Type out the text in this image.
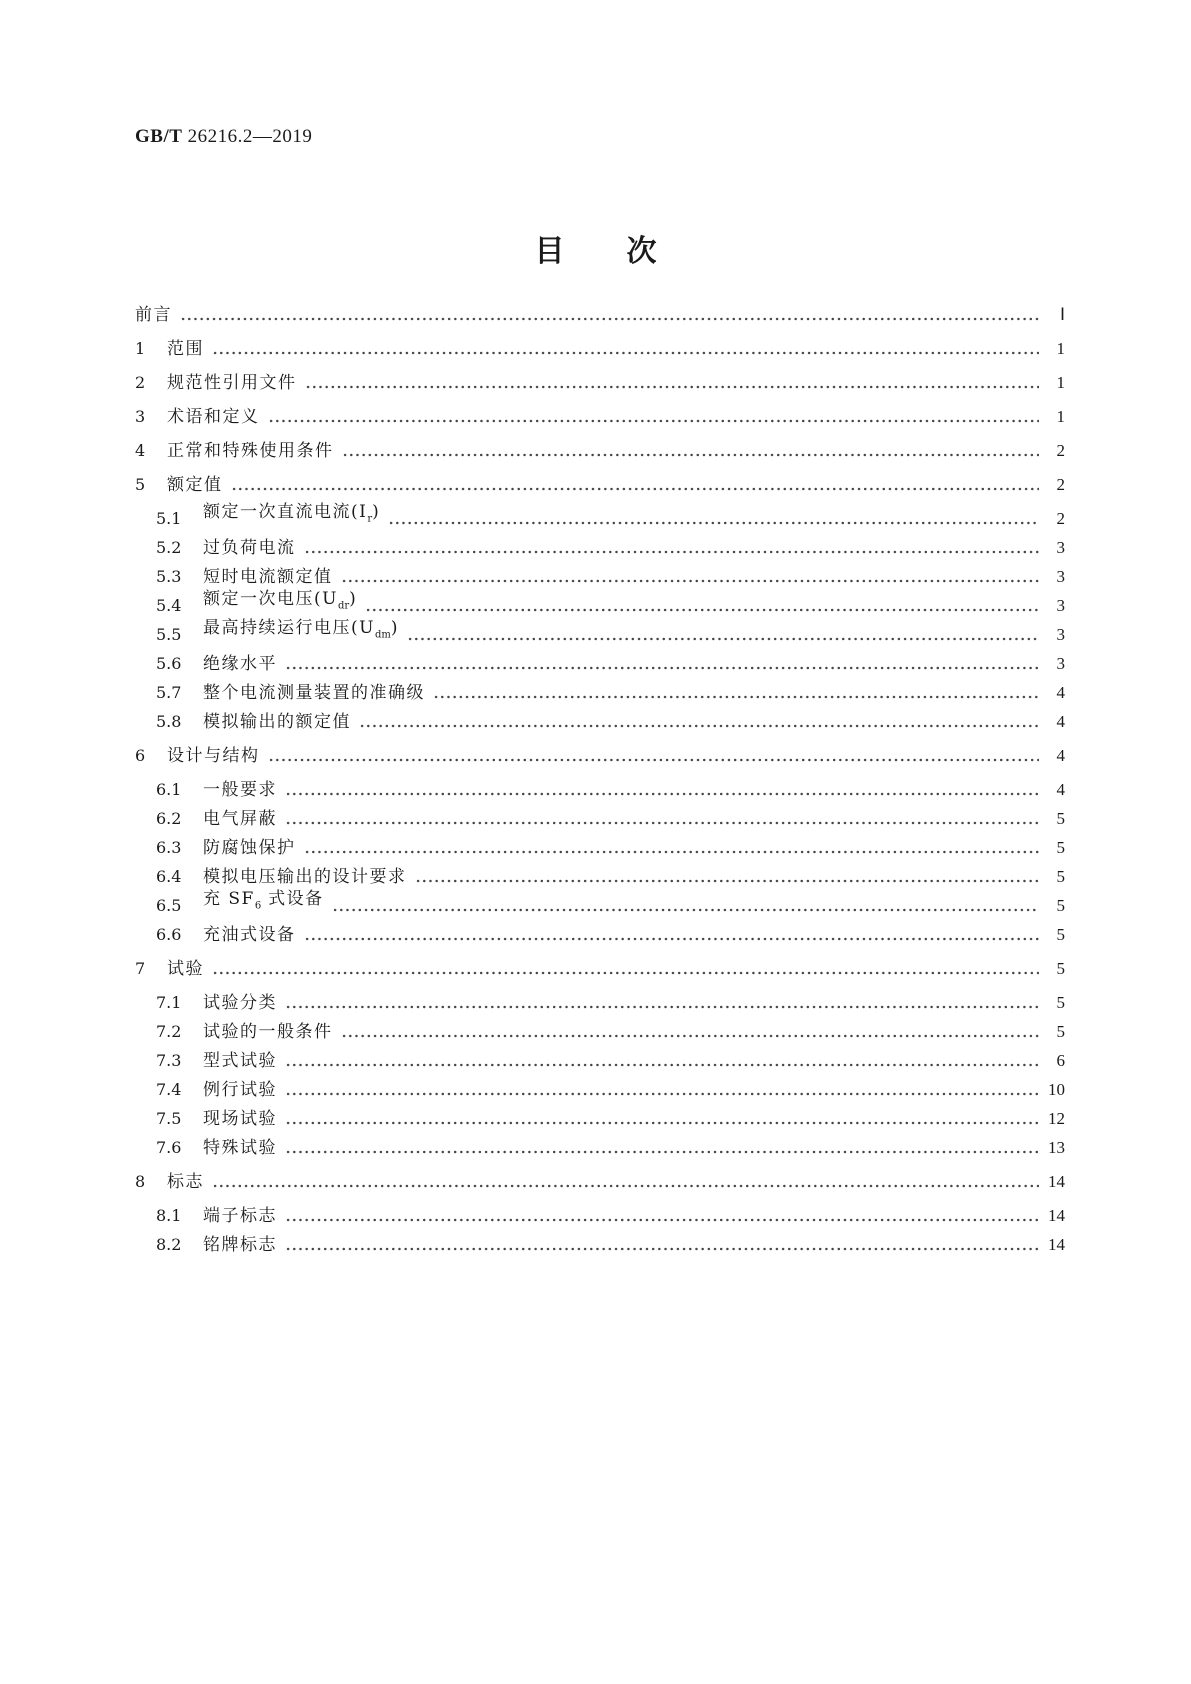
GB/T 26216.2—2019
目次
前言	Ⅰ
1	范围	1
2	规范性引用文件	1
3	术语和定义	1
4	正常和特殊使用条件	2
5	额定值	2
5.1	额定一次直流电流$(I_r)$	2
5.2	过负荷电流	3
5.3	短时电流额定值	3
5.4	额定一次电压$(U_{dr})$	3
5.5	最高持续运行电压$(U_{dm})$	3
5.6	绝缘水平	3
5.7	整个电流测量装置的准确级	4
5.8	模拟输出的额定值	4
6	设计与结构	4
6.1	一般要求	4
6.2	电气屏蔽	5
6.3	防腐蚀保护	5
6.4	模拟电压输出的设计要求	5
6.5	充 $SF_6$ 式设备	5
6.6	充油式设备	5
7	试验	5
7.1	试验分类	5
7.2	试验的一般条件	5
7.3	型式试验	6
7.4	例行试验	10
7.5	现场试验	12
7.6	特殊试验	13
8	标志	14
8.1	端子标志	14
8.2	铭牌标志	14
